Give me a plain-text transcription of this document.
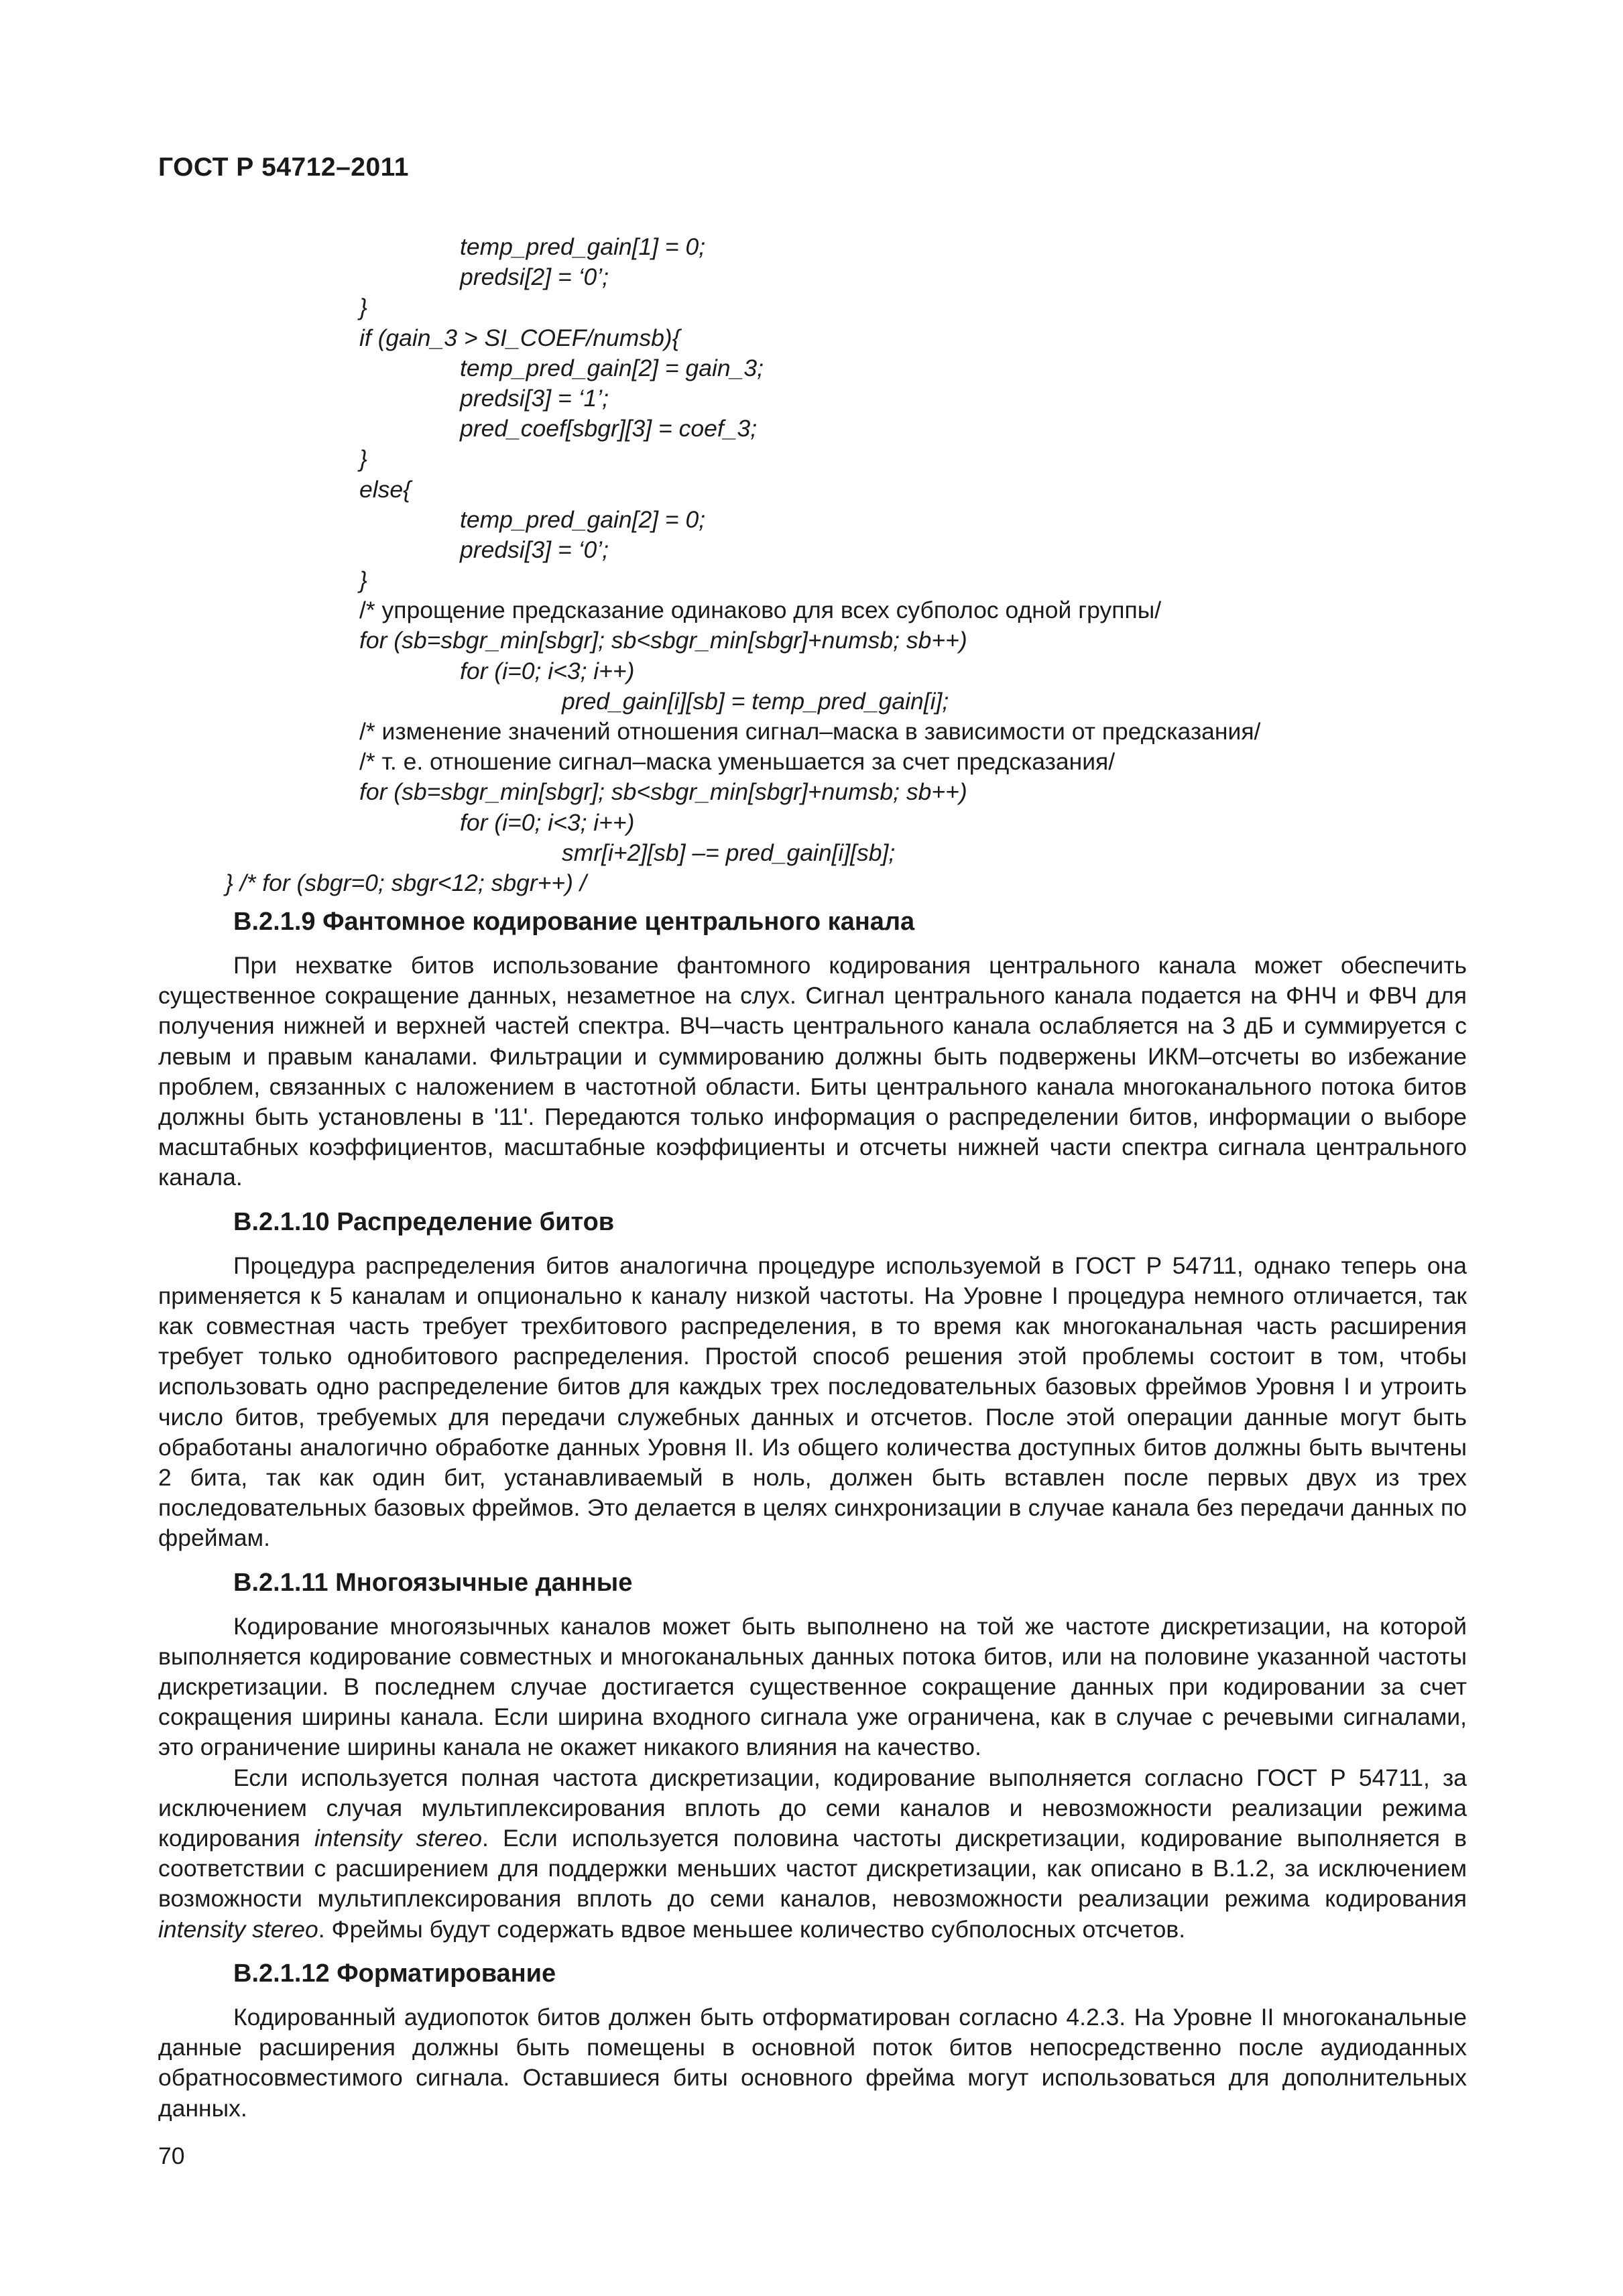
ГОСТ Р 54712–2011
temp_pred_gain[1] = 0;
predsi[2] = ‘0’;
}
if (gain_3 > SI_COEF/numsb){
temp_pred_gain[2] = gain_3;
predsi[3] = ‘1’;
pred_coef[sbgr][3] = coef_3;
}
else{
temp_pred_gain[2] = 0;
predsi[3] = ‘0’;
}
/* упрощение предсказание одинаково для всех субполос одной группы/
for (sb=sbgr_min[sbgr]; sb<sbgr_min[sbgr]+numsb; sb++)
for (i=0; i<3; i++)
pred_gain[i][sb] = temp_pred_gain[i];
/* изменение значений отношения сигнал–маска в зависимости от предсказания/
/* т. е. отношение сигнал–маска уменьшается за счет предсказания/
for (sb=sbgr_min[sbgr]; sb<sbgr_min[sbgr]+numsb; sb++)
for (i=0; i<3; i++)
smr[i+2][sb] –= pred_gain[i][sb];
} /* for (sbgr=0; sbgr<12; sbgr++) /
В.2.1.9 Фантомное кодирование центрального канала

При нехватке битов использование фантомного кодирования центрального канала может обеспечить существенное сокращение данных, незаметное на слух. Сигнал центрального канала подается на ФНЧ и ФВЧ для получения нижней и верхней частей спектра. ВЧ–часть центрального канала ослабляется на 3 дБ и суммируется с левым и правым каналами. Фильтрации и суммированию должны быть подвержены ИКМ–отсчеты во избежание проблем, связанных с наложением в частотной области. Биты центрального канала многоканального потока битов должны быть установлены в '11'. Передаются только информация о распределении битов, информации о выборе масштабных коэффициентов, масштабные коэффициенты и отсчеты нижней части спектра сигнала центрального канала.

В.2.1.10 Распределение битов

Процедура распределения битов аналогична процедуре используемой в ГОСТ Р 54711, однако теперь она применяется к 5 каналам и опционально к каналу низкой частоты. На Уровне I процедура немного отличается, так как совместная часть требует трехбитового распределения, в то время как многоканальная часть расширения требует только однобитового распределения. Простой способ решения этой проблемы состоит в том, чтобы использовать одно распределение битов для каждых трех последовательных базовых фреймов Уровня I и утроить число битов, требуемых для передачи служебных данных и отсчетов. После этой операции данные могут быть обработаны аналогично обработке данных Уровня II. Из общего количества доступных битов должны быть вычтены 2 бита, так как один бит, устанавливаемый в ноль, должен быть вставлен после первых двух из трех последовательных базовых фреймов. Это делается в целях синхронизации в случае канала без передачи данных по фреймам.

В.2.1.11 Многоязычные данные

Кодирование многоязычных каналов может быть выполнено на той же частоте дискретизации, на которой выполняется кодирование совместных и многоканальных данных потока битов, или на половине указанной частоты дискретизации. В последнем случае достигается существенное сокращение данных при кодировании за счет сокращения ширины канала. Если ширина входного сигнала уже ограничена, как в случае с речевыми сигналами, это ограничение ширины канала не окажет никакого влияния на качество.

Если используется полная частота дискретизации, кодирование выполняется согласно ГОСТ Р 54711, за исключением случая мультиплексирования вплоть до семи каналов и невозможности реализации режима кодирования intensity stereo. Если используется половина частоты дискретизации, кодирование выполняется в соответствии с расширением для поддержки меньших частот дискретизации, как описано в В.1.2, за исключением возможности мультиплексирования вплоть до семи каналов, невозможности реализации режима кодирования intensity stereo. Фреймы будут содержать вдвое меньшее количество субполосных отсчетов.

В.2.1.12 Форматирование

Кодированный аудиопоток битов должен быть отформатирован согласно 4.2.3. На Уровне II многоканальные данные расширения должны быть помещены в основной поток битов непосредственно после аудиоданных обратносовместимого сигнала. Оставшиеся биты основного фрейма могут использоваться для дополнительных данных.

70
